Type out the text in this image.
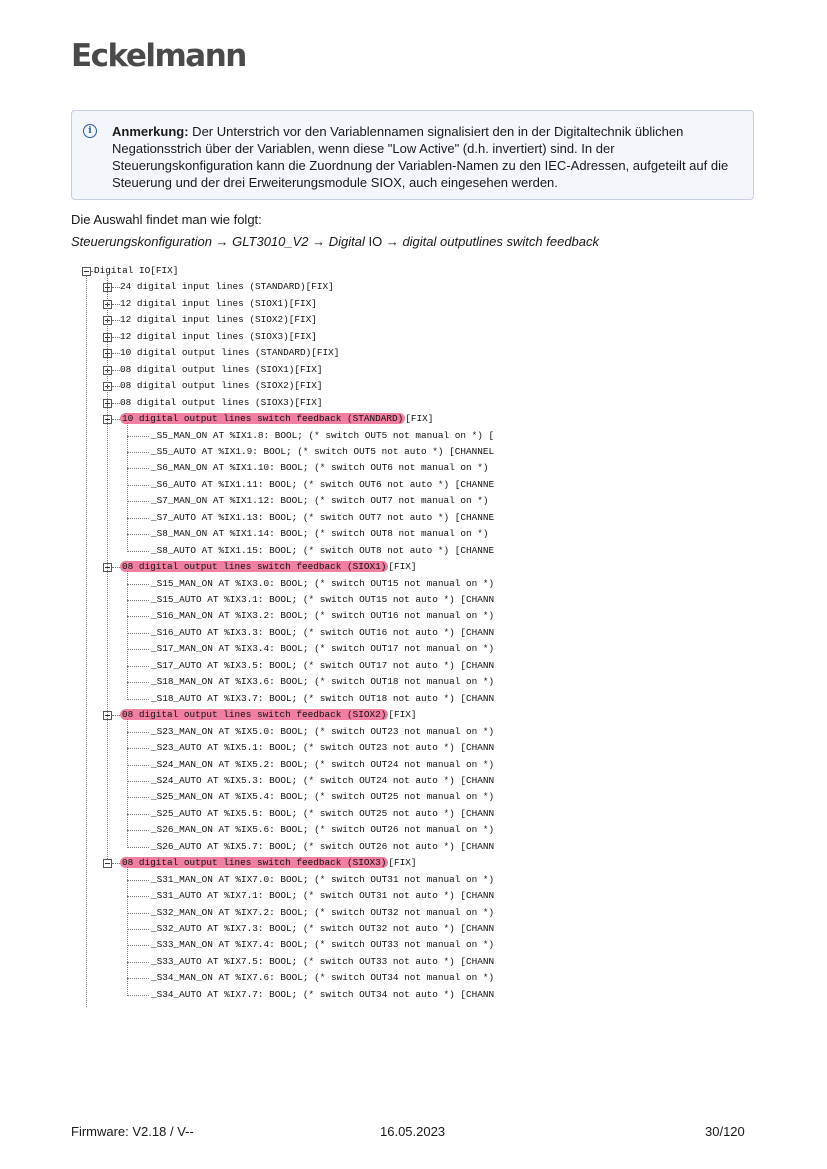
Eckelmann
i	Anmerkung: Der Unterstrich vor den Variablennamen signalisiert den in der Digitaltechnik üblichen Negationsstrich über der Variablen, wenn diese "Low Active" (d.h. invertiert) sind. In der Steuerungskonfiguration kann die Zuordnung der Variablen-Namen zu den IEC-Adressen, aufgeteilt auf die Steuerung und der drei Erweiterungsmodule SIOX, auch eingesehen werden.
Die Auswahl findet man wie folgt:
Steuerungskonfiguration → GLT3010_V2 → Digital IO → digital outputlines switch feedback
Digital IO[FIX]
24 digital input lines (STANDARD)[FIX]
12 digital input lines (SIOX1)[FIX]
12 digital input lines (SIOX2)[FIX]
12 digital input lines (SIOX3)[FIX]
10 digital output lines (STANDARD)[FIX]
08 digital output lines (SIOX1)[FIX]
08 digital output lines (SIOX2)[FIX]
08 digital output lines (SIOX3)[FIX]
10 digital output lines switch feedback (STANDARD) [FIX]
_S5_MAN_ON AT %IX1.8: BOOL; (* switch OUT5 not manual on *) [
_S5_AUTO AT %IX1.9: BOOL; (* switch OUT5 not auto *) [CHANNEL
_S6_MAN_ON AT %IX1.10: BOOL; (* switch OUT6 not manual on *)
_S6_AUTO AT %IX1.11: BOOL; (* switch OUT6 not auto *) [CHANNE
_S7_MAN_ON AT %IX1.12: BOOL; (* switch OUT7 not manual on *)
_S7_AUTO AT %IX1.13: BOOL; (* switch OUT7 not auto *) [CHANNE
_S8_MAN_ON AT %IX1.14: BOOL; (* switch OUT8 not manual on *)
_S8_AUTO AT %IX1.15: BOOL; (* switch OUT8 not auto *) [CHANNE
08 digital output lines switch feedback (SIOX1) [FIX]
_S15_MAN_ON AT %IX3.0: BOOL; (* switch OUT15 not manual on *)
_S15_AUTO AT %IX3.1: BOOL; (* switch OUT15 not auto *) [CHANN
_S16_MAN_ON AT %IX3.2: BOOL; (* switch OUT16 not manual on *)
_S16_AUTO AT %IX3.3: BOOL; (* switch OUT16 not auto *) [CHANN
_S17_MAN_ON AT %IX3.4: BOOL; (* switch OUT17 not manual on *)
_S17_AUTO AT %IX3.5: BOOL; (* switch OUT17 not auto *) [CHANN
_S18_MAN_ON AT %IX3.6: BOOL; (* switch OUT18 not manual on *)
_S18_AUTO AT %IX3.7: BOOL; (* switch OUT18 not auto *) [CHANN
08 digital output lines switch feedback (SIOX2) [FIX]
_S23_MAN_ON AT %IX5.0: BOOL; (* switch OUT23 not manual on *)
_S23_AUTO AT %IX5.1: BOOL; (* switch OUT23 not auto *) [CHANN
_S24_MAN_ON AT %IX5.2: BOOL; (* switch OUT24 not manual on *)
_S24_AUTO AT %IX5.3: BOOL; (* switch OUT24 not auto *) [CHANN
_S25_MAN_ON AT %IX5.4: BOOL; (* switch OUT25 not manual on *)
_S25_AUTO AT %IX5.5: BOOL; (* switch OUT25 not auto *) [CHANN
_S26_MAN_ON AT %IX5.6: BOOL; (* switch OUT26 not manual on *)
_S26_AUTO AT %IX5.7: BOOL; (* switch OUT26 not auto *) [CHANN
08 digital output lines switch feedback (SIOX3) [FIX]
_S31_MAN_ON AT %IX7.0: BOOL; (* switch OUT31 not manual on *)
_S31_AUTO AT %IX7.1: BOOL; (* switch OUT31 not auto *) [CHANN
_S32_MAN_ON AT %IX7.2: BOOL; (* switch OUT32 not manual on *)
_S32_AUTO AT %IX7.3: BOOL; (* switch OUT32 not auto *) [CHANN
_S33_MAN_ON AT %IX7.4: BOOL; (* switch OUT33 not manual on *)
_S33_AUTO AT %IX7.5: BOOL; (* switch OUT33 not auto *) [CHANN
_S34_MAN_ON AT %IX7.6: BOOL; (* switch OUT34 not manual on *)
_S34_AUTO AT %IX7.7: BOOL; (* switch OUT34 not auto *) [CHANN
Firmware: V2.18 / V--	16.05.2023	30/120
